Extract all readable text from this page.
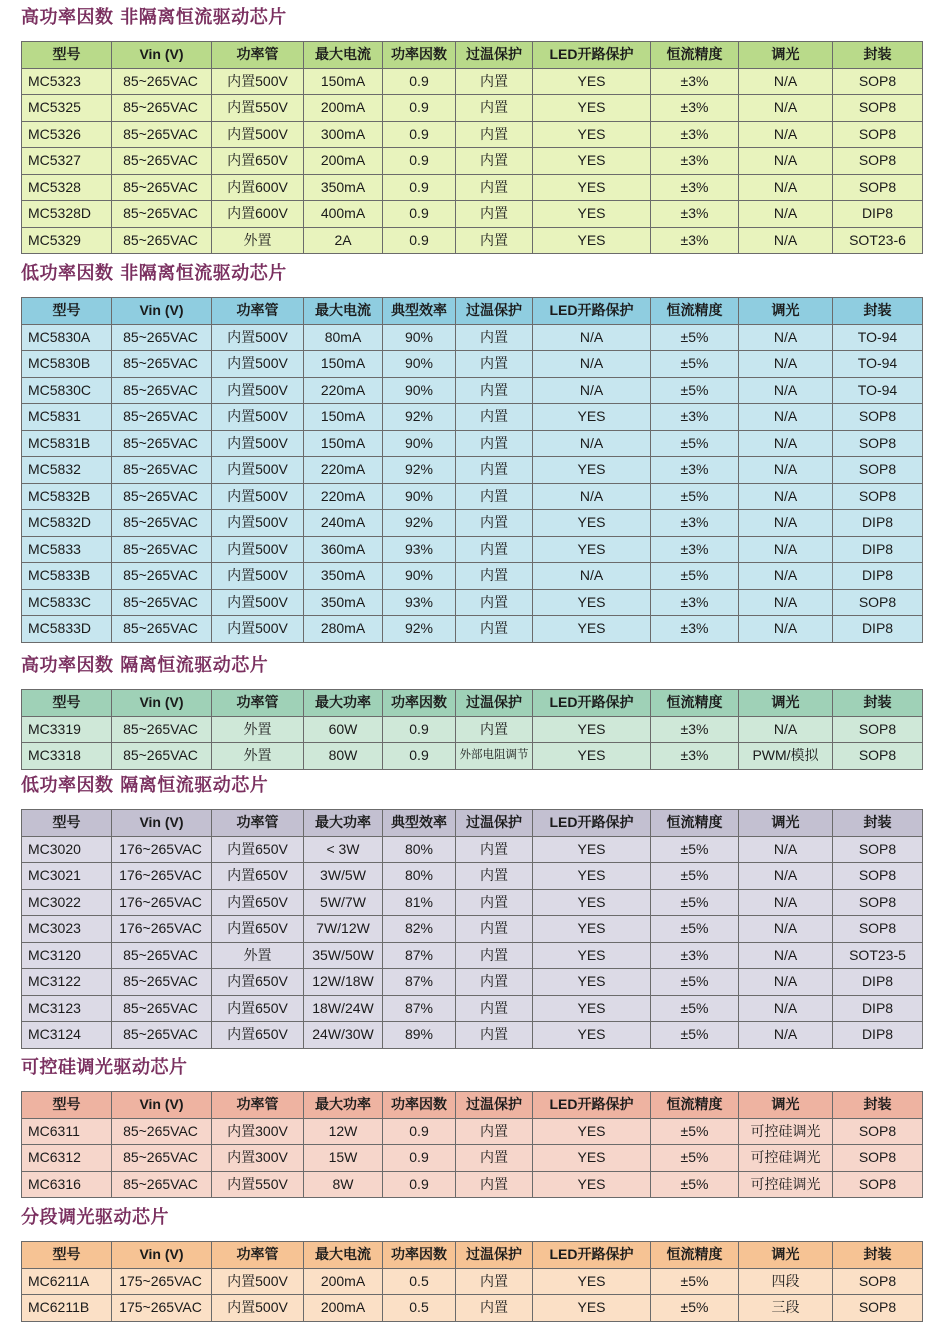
高功率因数 非隔离恒流驱动芯片
型号	Vin (V)	功率管	最大电流	功率因数	过温保护	LED开路保护	恒流精度	调光	封装
MC5323	85~265VAC	内置500V	150mA	0.9	内置	YES	±3%	N/A	SOP8
MC5325	85~265VAC	内置550V	200mA	0.9	内置	YES	±3%	N/A	SOP8
MC5326	85~265VAC	内置500V	300mA	0.9	内置	YES	±3%	N/A	SOP8
MC5327	85~265VAC	内置650V	200mA	0.9	内置	YES	±3%	N/A	SOP8
MC5328	85~265VAC	内置600V	350mA	0.9	内置	YES	±3%	N/A	SOP8
MC5328D	85~265VAC	内置600V	400mA	0.9	内置	YES	±3%	N/A	DIP8
MC5329	85~265VAC	外置	2A	0.9	内置	YES	±3%	N/A	SOT23-6
低功率因数 非隔离恒流驱动芯片
型号	Vin (V)	功率管	最大电流	典型效率	过温保护	LED开路保护	恒流精度	调光	封装
MC5830A	85~265VAC	内置500V	80mA	90%	内置	N/A	±5%	N/A	TO-94
MC5830B	85~265VAC	内置500V	150mA	90%	内置	N/A	±5%	N/A	TO-94
MC5830C	85~265VAC	内置500V	220mA	90%	内置	N/A	±5%	N/A	TO-94
MC5831	85~265VAC	内置500V	150mA	92%	内置	YES	±3%	N/A	SOP8
MC5831B	85~265VAC	内置500V	150mA	90%	内置	N/A	±5%	N/A	SOP8
MC5832	85~265VAC	内置500V	220mA	92%	内置	YES	±3%	N/A	SOP8
MC5832B	85~265VAC	内置500V	220mA	90%	内置	N/A	±5%	N/A	SOP8
MC5832D	85~265VAC	内置500V	240mA	92%	内置	YES	±3%	N/A	DIP8
MC5833	85~265VAC	内置500V	360mA	93%	内置	YES	±3%	N/A	DIP8
MC5833B	85~265VAC	内置500V	350mA	90%	内置	N/A	±5%	N/A	DIP8
MC5833C	85~265VAC	内置500V	350mA	93%	内置	YES	±3%	N/A	SOP8
MC5833D	85~265VAC	内置500V	280mA	92%	内置	YES	±3%	N/A	DIP8
高功率因数 隔离恒流驱动芯片
型号	Vin (V)	功率管	最大功率	功率因数	过温保护	LED开路保护	恒流精度	调光	封装
MC3319	85~265VAC	外置	60W	0.9	内置	YES	±3%	N/A	SOP8
MC3318	85~265VAC	外置	80W	0.9	外部电阻调节	YES	±3%	PWM/模拟	SOP8
低功率因数 隔离恒流驱动芯片
型号	Vin (V)	功率管	最大功率	典型效率	过温保护	LED开路保护	恒流精度	调光	封装
MC3020	176~265VAC	内置650V	< 3W	80%	内置	YES	±5%	N/A	SOP8
MC3021	176~265VAC	内置650V	3W/5W	80%	内置	YES	±5%	N/A	SOP8
MC3022	176~265VAC	内置650V	5W/7W	81%	内置	YES	±5%	N/A	SOP8
MC3023	176~265VAC	内置650V	7W/12W	82%	内置	YES	±5%	N/A	SOP8
MC3120	85~265VAC	外置	35W/50W	87%	内置	YES	±3%	N/A	SOT23-5
MC3122	85~265VAC	内置650V	12W/18W	87%	内置	YES	±5%	N/A	DIP8
MC3123	85~265VAC	内置650V	18W/24W	87%	内置	YES	±5%	N/A	DIP8
MC3124	85~265VAC	内置650V	24W/30W	89%	内置	YES	±5%	N/A	DIP8
可控硅调光驱动芯片
型号	Vin (V)	功率管	最大功率	功率因数	过温保护	LED开路保护	恒流精度	调光	封装
MC6311	85~265VAC	内置300V	12W	0.9	内置	YES	±5%	可控硅调光	SOP8
MC6312	85~265VAC	内置300V	15W	0.9	内置	YES	±5%	可控硅调光	SOP8
MC6316	85~265VAC	内置550V	8W	0.9	内置	YES	±5%	可控硅调光	SOP8
分段调光驱动芯片
型号	Vin (V)	功率管	最大电流	功率因数	过温保护	LED开路保护	恒流精度	调光	封装
MC6211A	175~265VAC	内置500V	200mA	0.5	内置	YES	±5%	四段	SOP8
MC6211B	175~265VAC	内置500V	200mA	0.5	内置	YES	±5%	三段	SOP8
